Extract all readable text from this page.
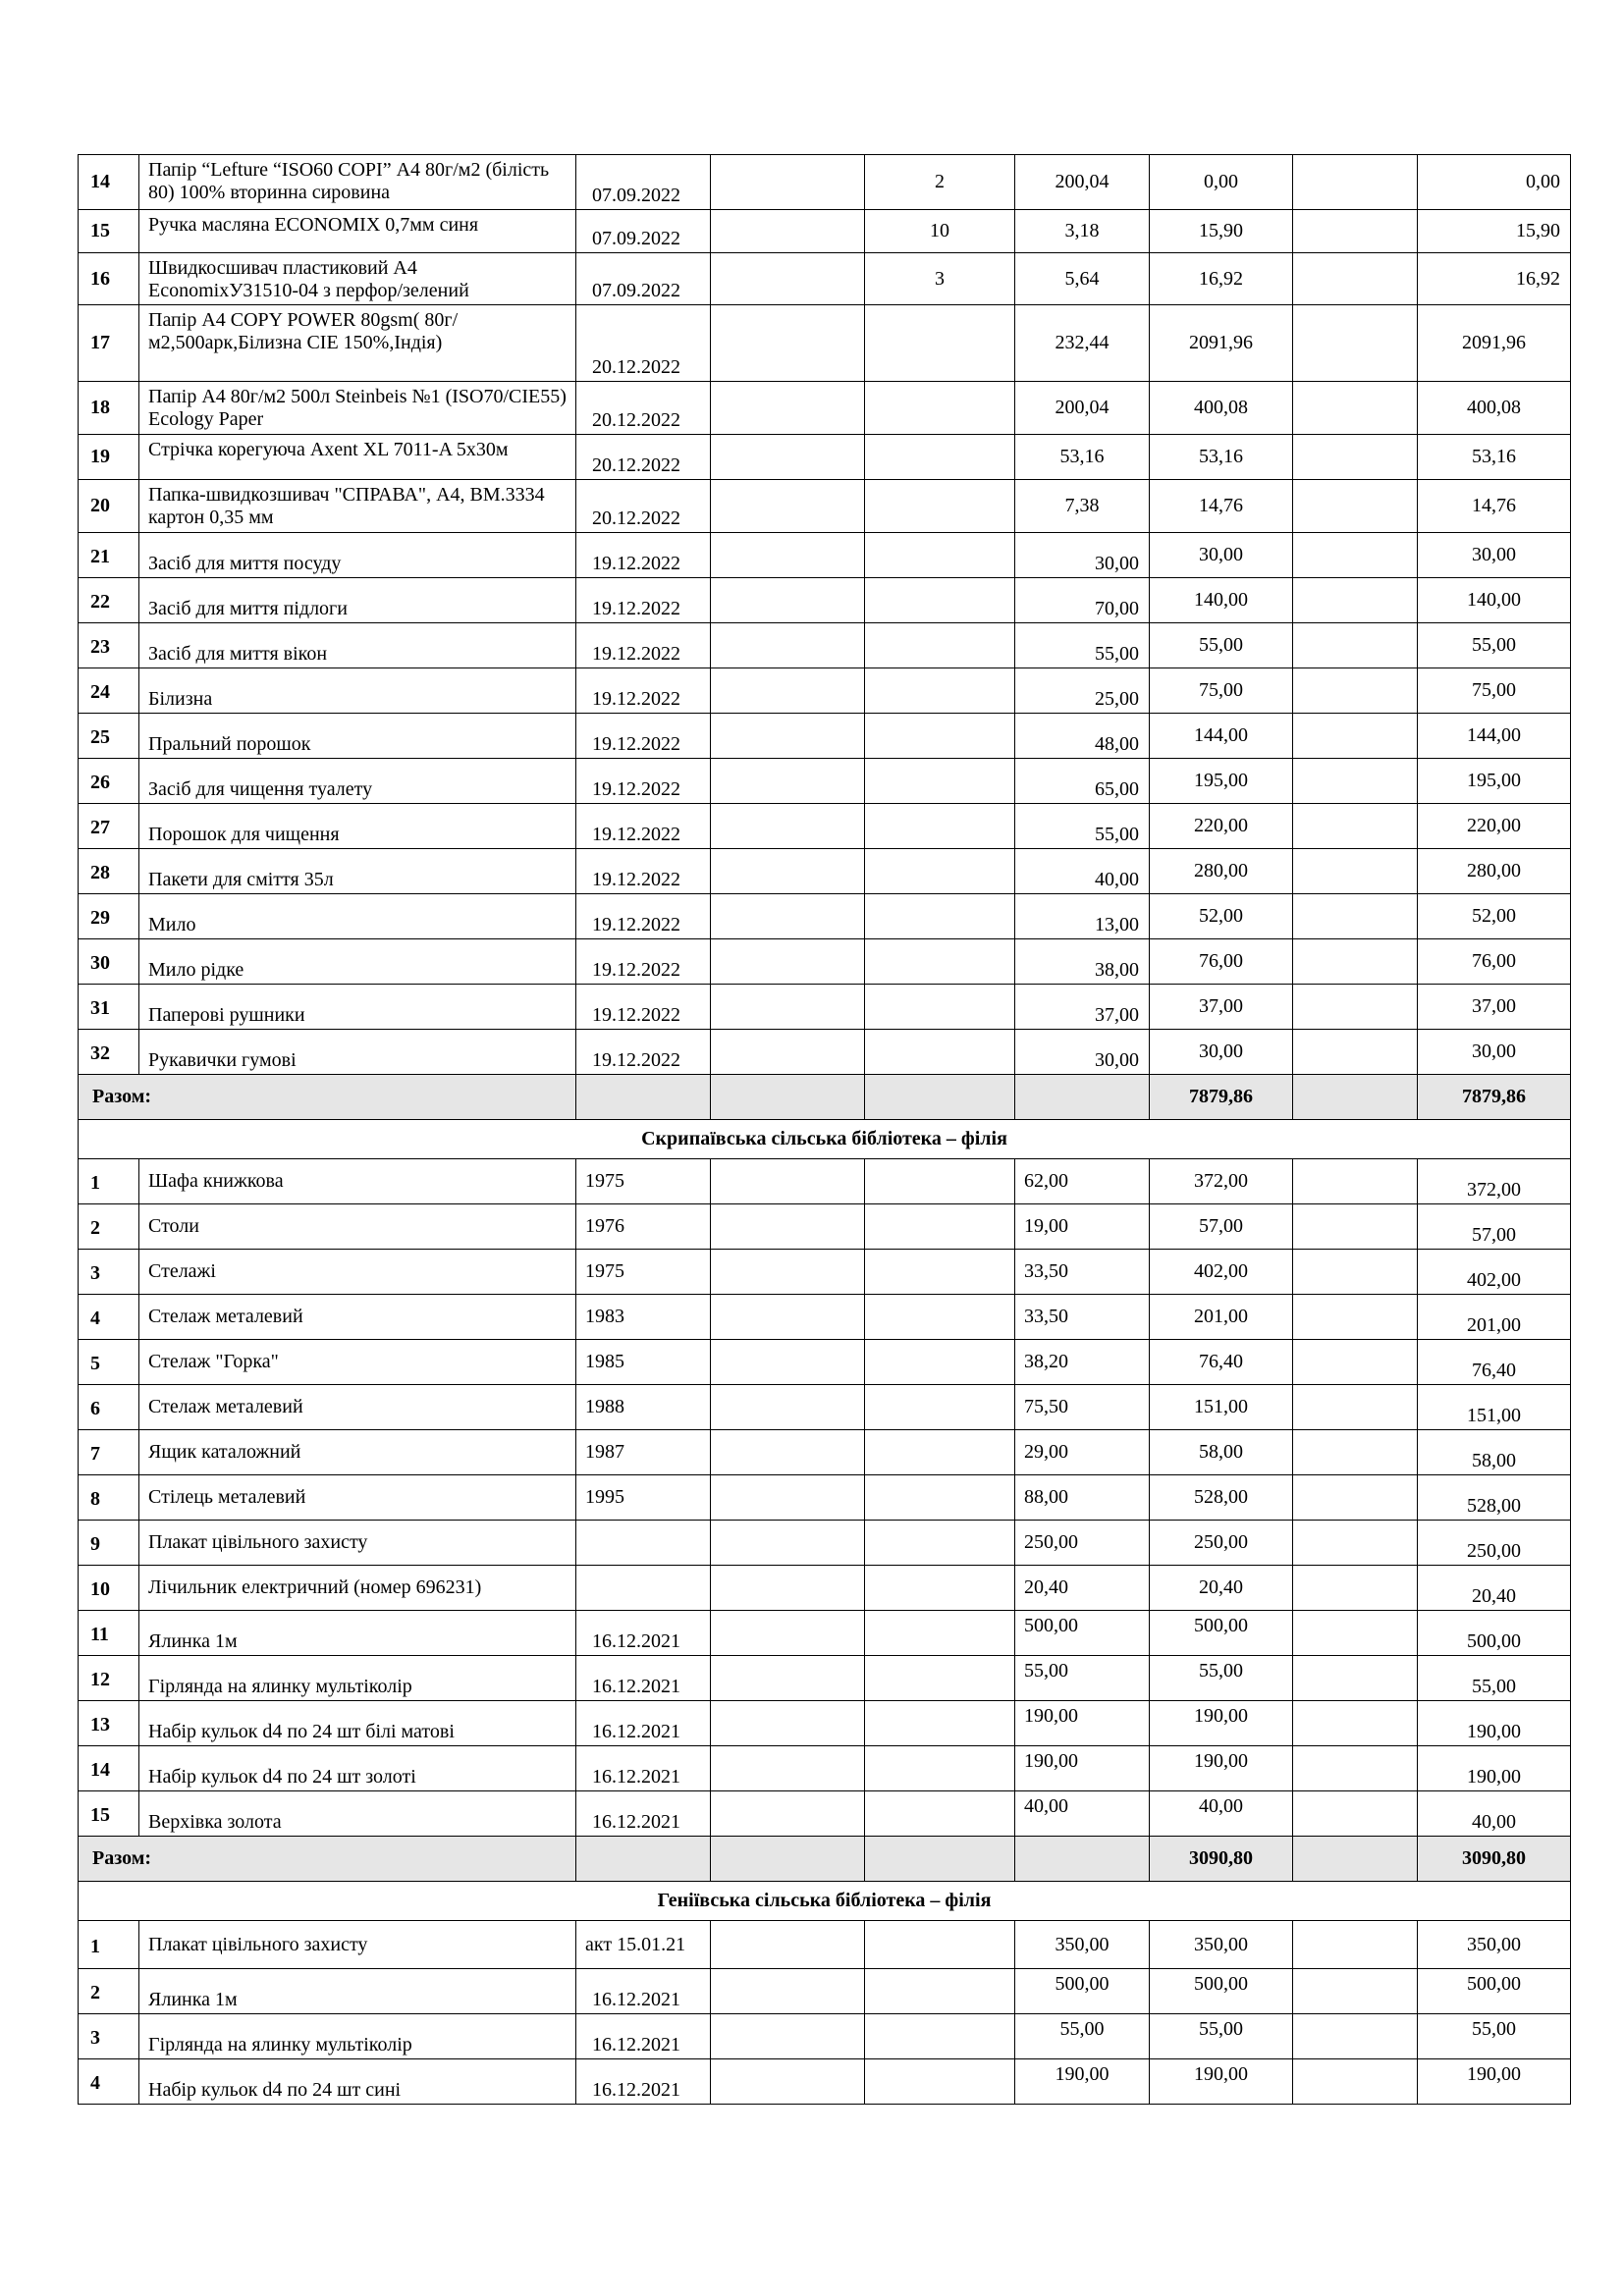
14	Папір “Lefture “ISO60 COPI” А4 80г/м2 (білість 80) 100% вторинна сировина	07.09.2022		2	200,04	0,00		0,00
15	Ручка масляна ECONOMIX 0,7мм синя	07.09.2022		10	3,18	15,90		15,90
16	Швидкосшивач пластиковий А4 EconomixУ31510-04 з перфор/зелений	07.09.2022		3	5,64	16,92		16,92
17	Папір А4 COPY POWER 80gsm( 80г/м2,500арк,Білизна CIE 150%,Індія)	20.12.2022			232,44	2091,96		2091,96
18	Папір А4 80г/м2 500л Steinbeis №1 (ISO70/CIE55) Ecology Paper	20.12.2022			200,04	400,08		400,08
19	Стрічка корегуюча Axent XL 7011-A 5х30м	20.12.2022			53,16	53,16		53,16
20	Папка-швидкозшивач "СПРАВА", А4, BM.3334 картон 0,35 мм	20.12.2022			7,38	14,76		14,76
21	Засіб для миття посуду	19.12.2022			30,00	30,00		30,00
22	Засіб для миття підлоги	19.12.2022			70,00	140,00		140,00
23	Засіб для миття вікон	19.12.2022			55,00	55,00		55,00
24	Білизна	19.12.2022			25,00	75,00		75,00
25	Пральний порошок	19.12.2022			48,00	144,00		144,00
26	Засіб для чищення туалету	19.12.2022			65,00	195,00		195,00
27	Порошок для чищення	19.12.2022			55,00	220,00		220,00
28	Пакети для сміття 35л	19.12.2022			40,00	280,00		280,00
29	Мило	19.12.2022			13,00	52,00		52,00
30	Мило рідке	19.12.2022			38,00	76,00		76,00
31	Паперові рушники	19.12.2022			37,00	37,00		37,00
32	Рукавички гумові	19.12.2022			30,00	30,00		30,00
Разом:						7879,86		7879,86
Скрипаївська сільська бібліотека – філія								
1	Шафа книжкова	1975			62,00	372,00		372,00
2	Столи	1976			19,00	57,00		57,00
3	Стелажі	1975			33,50	402,00		402,00
4	Стелаж металевий	1983			33,50	201,00		201,00
5	Стелаж "Горка"	1985			38,20	76,40		76,40
6	Стелаж металевий	1988			75,50	151,00		151,00
7	Ящик каталожний	1987			29,00	58,00		58,00
8	Стілець металевий	1995			88,00	528,00		528,00
9	Плакат цівільного захисту				250,00	250,00		250,00
10	Лічильник електричний (номер 696231)				20,40	20,40		20,40
11	Ялинка 1м	16.12.2021			500,00	500,00		500,00
12	Гірлянда на ялинку мультіколір	16.12.2021			55,00	55,00		55,00
13	Набір кульок d4 по 24 шт білі матові	16.12.2021			190,00	190,00		190,00
14	Набір кульок d4 по 24 шт золоті	16.12.2021			190,00	190,00		190,00
15	Верхівка золота	16.12.2021			40,00	40,00		40,00
Разом:						3090,80		3090,80
Геніївська сільська бібліотека – філія								
1	Плакат цівільного захисту	акт 15.01.21			350,00	350,00		350,00
2	Ялинка 1м	16.12.2021			500,00	500,00		500,00
3	Гірлянда на ялинку мультіколір	16.12.2021			55,00	55,00		55,00
4	Набір кульок d4 по 24 шт сині	16.12.2021			190,00	190,00		190,00
